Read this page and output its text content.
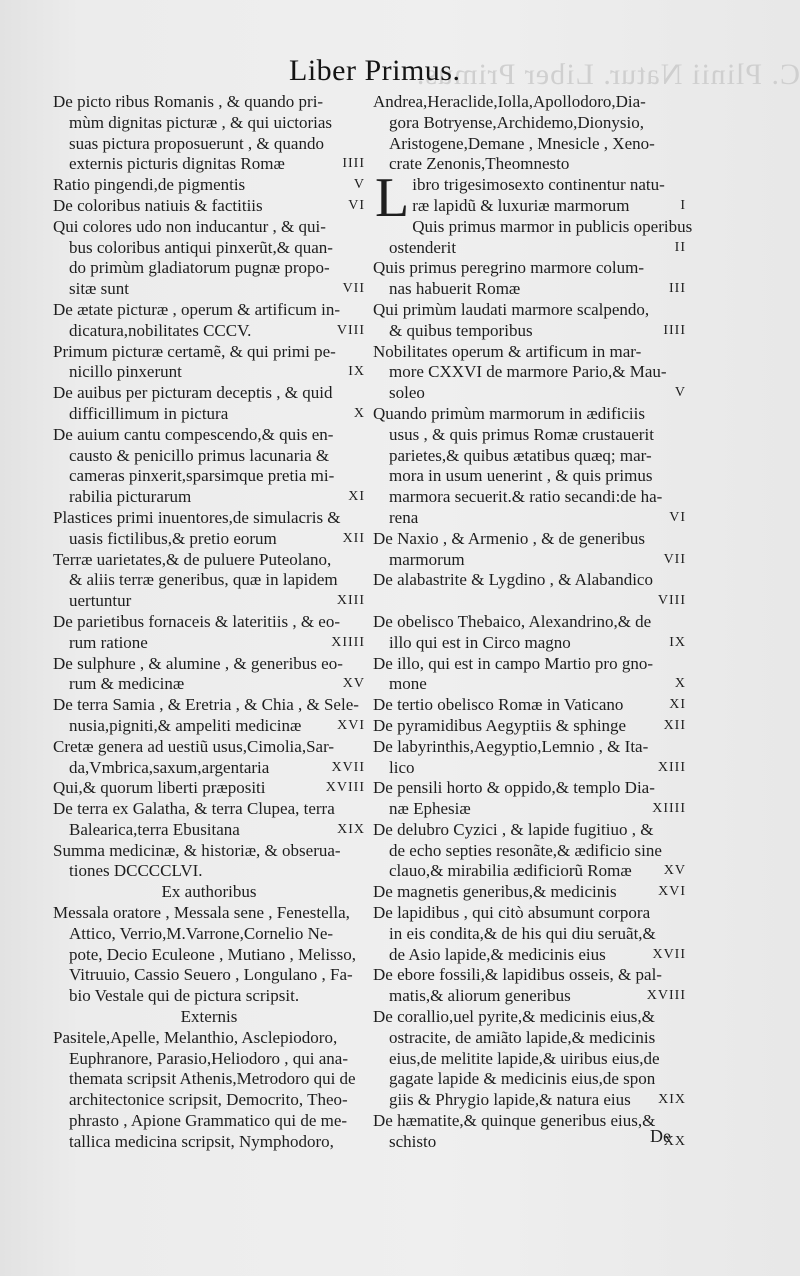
C. Plinii Natur. Liber Primus.
Liber Primus.
De picto ribus Romanis , & quando pri-
mùm dignitas picturæ , & qui uictorias
suas pictura proposuerunt , & quando
externis picturis dignitas Romæ	IIII
Ratio pingendi,de pigmentis	V
De coloribus natiuis & factitiis	VI
Qui colores udo non inducantur , & qui-
bus coloribus antiqui pinxerũt,& quan-
do primùm gladiatorum pugnæ propo-
sitæ sunt	VII
De ætate picturæ , operum & artificum in-
dicatura,nobilitates CCCV.	VIII
Primum picturæ certamẽ, & qui primi pe-
nicillo pinxerunt	IX
De auibus per picturam deceptis , & quid
difficillimum in pictura	X
De auium cantu compescendo,& quis en-
causto & penicillo primus lacunaria &
cameras pinxerit,sparsimque pretia mi-
rabilia picturarum	XI
Plastices primi inuentores,de simulacris &
uasis fictilibus,& pretio eorum	XII
Terræ uarietates,& de puluere Puteolano,
& aliis terræ generibus, quæ in lapidem
uertuntur	XIII
De parietibus fornaceis & lateritiis , & eo-
rum ratione	XIIII
De sulphure , & alumine , & generibus eo-
rum & medicinæ	XV
De terra Samia , & Eretria , & Chia , & Sele-
nusia,pigniti,& ampeliti medicinæ	XVI
Cretæ genera ad uestiũ usus,Cimolia,Sar-
da,Vmbrica,saxum,argentaria	XVII
Qui,& quorum liberti præpositi	XVIII
De terra ex Galatha, & terra Clupea, terra
Balearica,terra Ebusitana	XIX
Summa medicinæ, & historiæ, & obserua-
tiones DCCCCLVI.
Ex authoribus
Messala oratore , Messala sene , Fenestella,
Attico, Verrio,M.Varrone,Cornelio Ne-
pote, Decio Eculeone , Mutiano , Melisso,
Vitruuio, Cassio Seuero , Longulano , Fa-
bio Vestale qui de pictura scripsit.
Externis
Pasitele,Apelle, Melanthio, Asclepiodoro,
Euphranore, Parasio,Heliodoro , qui ana-
themata scripsit Athenis,Metrodoro qui de
architectonice scripsit, Democrito, Theo-
phrasto , Apione Grammatico qui de me-
tallica medicina scripsit, Nymphodoro,
Andrea,Heraclide,Iolla,Apollodoro,Dia-
gora Botryense,Archidemo,Dionysio,
Aristogene,Demane , Mnesicle , Xeno-
crate Zenonis,Theomnesto
L ibro trigesimosexto continentur natu-
ræ lapidũ & luxuriæ marmorum	I
Quis primus marmor in publicis operibus
ostenderit	II
Quis primus peregrino marmore colum-
nas habuerit Romæ	III
Qui primùm laudati marmore scalpendo,
& quibus temporibus	IIII
Nobilitates operum & artificum in mar-
more CXXVI de marmore Pario,& Mau-
soleo	V
Quando primùm marmorum in ædificiis
usus , & quis primus Romæ crustauerit
parietes,& quibus ætatibus quæq; mar-
mora in usum uenerint , & quis primus
marmora secuerit.& ratio secandi:de ha-
rena	VI
De Naxio , & Armenio , & de generibus
marmorum	VII
De alabastrite & Lygdino , & Alabandico
VIII
De obelisco Thebaico, Alexandrino,& de
illo qui est in Circo magno	IX
De illo, qui est in campo Martio pro gno-
mone	X
De tertio obelisco Romæ in Vaticano	XI
De pyramidibus Aegyptiis & sphinge	XII
De labyrinthis,Aegyptio,Lemnio , & Ita-
lico	XIII
De pensili horto & oppido,& templo Dia-
næ Ephesiæ	XIIII
De delubro Cyzici , & lapide fugitiuo , &
de echo septies resonãte,& ædificio sine
clauo,& mirabilia ædificiorũ Romæ XV
De magnetis generibus,& medicinis	XVI
De lapidibus , qui citò absumunt corpora
in eis condita,& de his qui diu seruãt,&
de Asio lapide,& medicinis eius	XVII
De ebore fossili,& lapidibus osseis, & pal-
matis,& aliorum generibus	XVIII
De corallio,uel pyrite,& medicinis eius,&
ostracite, de amiãto lapide,& medicinis
eius,de melitite lapide,& uiribus eius,de
gagate lapide & medicinis eius,de spon
giis & Phrygio lapide,& natura eius XIX
De hæmatite,& quinque generibus eius,&
schisto	XX
De
